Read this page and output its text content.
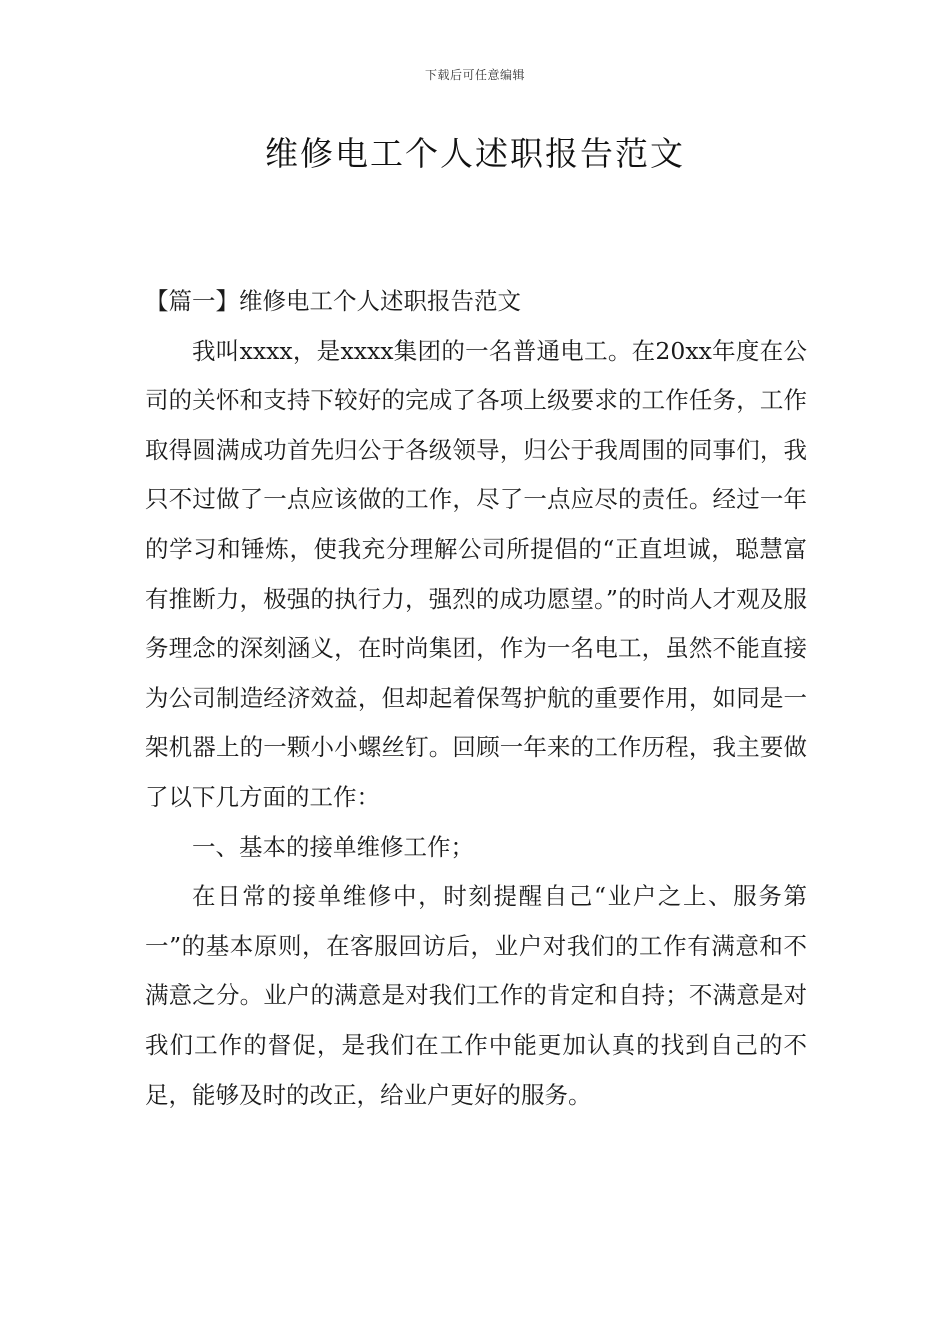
下载后可任意编辑
维修电工个人述职报告范文

【篇一】维修电工个人述职报告范文

我叫xxxx，是xxxx集团的一名普通电工。在20xx年度在公司的关怀和支持下较好的完成了各项上级要求的工作任务，工作取得圆满成功首先归公于各级领导，归公于我周围的同事们，我只不过做了一点应该做的工作，尽了一点应尽的责任。经过一年的学习和锤炼，使我充分理解公司所提倡的“正直坦诚，聪慧富有推断力，极强的执行力，强烈的成功愿望。”的时尚人才观及服务理念的深刻涵义，在时尚集团，作为一名电工，虽然不能直接为公司制造经济效益，但却起着保驾护航的重要作用，如同是一架机器上的一颗小小螺丝钉。回顾一年来的工作历程，我主要做了以下几方面的工作：

一、基本的接单维修工作；

在日常的接单维修中，时刻提醒自己“业户之上、服务第一”的基本原则，在客服回访后，业户对我们的工作有满意和不满意之分。业户的满意是对我们工作的肯定和自持；不满意是对我们工作的督促，是我们在工作中能更加认真的找到自己的不足，能够及时的改正，给业户更好的服务。
